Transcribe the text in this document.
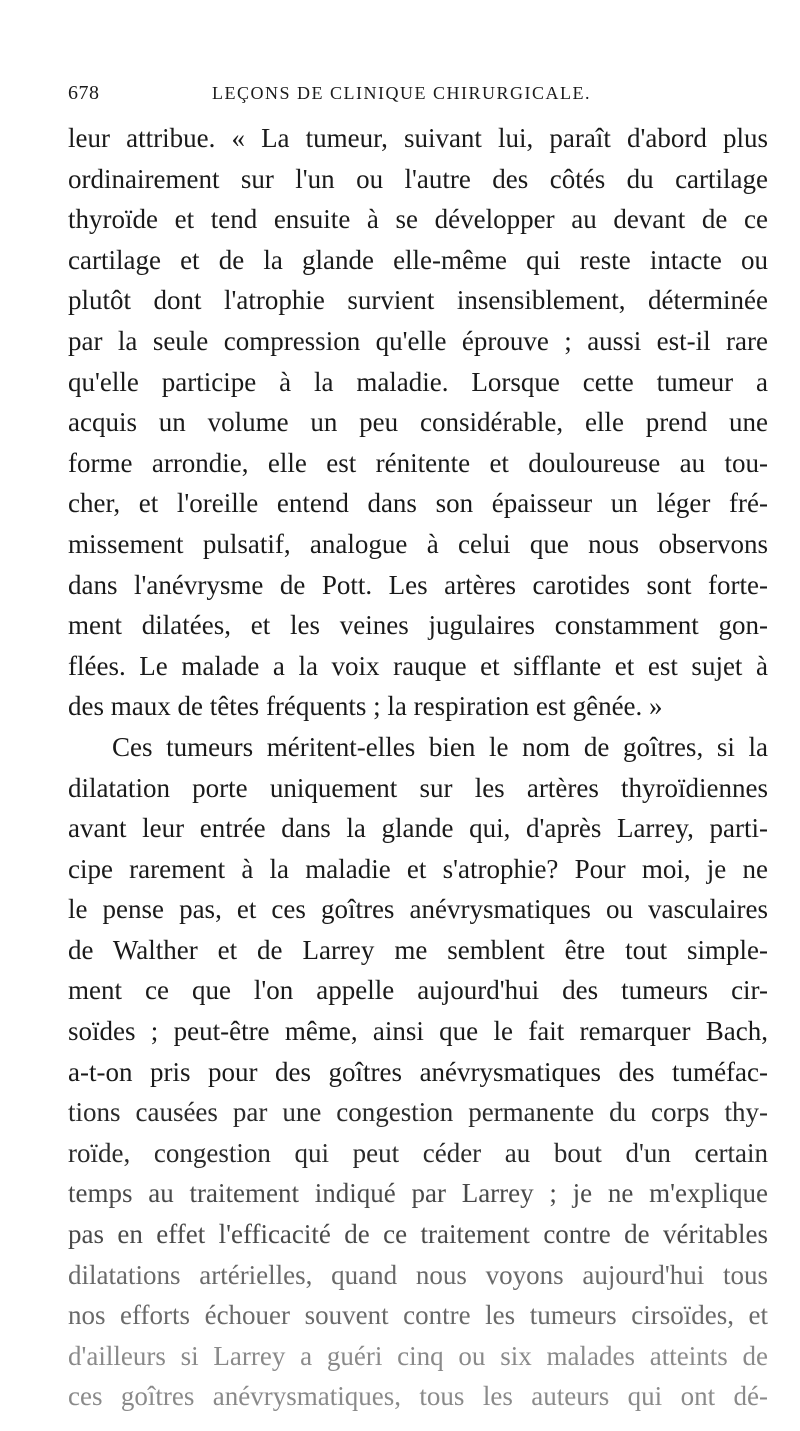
678	LEÇONS DE CLINIQUE CHIRURGICALE.
leur attribue. « La tumeur, suivant lui, paraît d'abord plus
ordinairement sur l'un ou l'autre des côtés du cartilage
thyroïde et tend ensuite à se développer au devant de ce
cartilage et de la glande elle-même qui reste intacte ou
plutôt dont l'atrophie survient insensiblement, déterminée
par la seule compression qu'elle éprouve ; aussi est-il rare
qu'elle participe à la maladie. Lorsque cette tumeur a
acquis un volume un peu considérable, elle prend une
forme arrondie, elle est rénitente et douloureuse au tou-
cher, et l'oreille entend dans son épaisseur un léger fré-
missement pulsatif, analogue à celui que nous observons
dans l'anévrysme de Pott. Les artères carotides sont forte-
ment dilatées, et les veines jugulaires constamment gon-
flées. Le malade a la voix rauque et sifflante et est sujet à
des maux de têtes fréquents ; la respiration est gênée. »
Ces tumeurs méritent-elles bien le nom de goîtres, si la
dilatation porte uniquement sur les artères thyroïdiennes
avant leur entrée dans la glande qui, d'après Larrey, parti-
cipe rarement à la maladie et s'atrophie? Pour moi, je ne
le pense pas, et ces goîtres anévrysmatiques ou vasculaires
de Walther et de Larrey me semblent être tout simple-
ment ce que l'on appelle aujourd'hui des tumeurs cir-
soïdes ; peut-être même, ainsi que le fait remarquer Bach,
a-t-on pris pour des goîtres anévrysmatiques des tuméfac-
tions causées par une congestion permanente du corps thy-
roïde, congestion qui peut céder au bout d'un certain
temps au traitement indiqué par Larrey ; je ne m'explique
pas en effet l'efficacité de ce traitement contre de véritables
dilatations artérielles, quand nous voyons aujourd'hui tous
nos efforts échouer souvent contre les tumeurs cirsoïdes, et
d'ailleurs si Larrey a guéri cinq ou six malades atteints de
ces goîtres anévrysmatiques, tous les auteurs qui ont dé-
